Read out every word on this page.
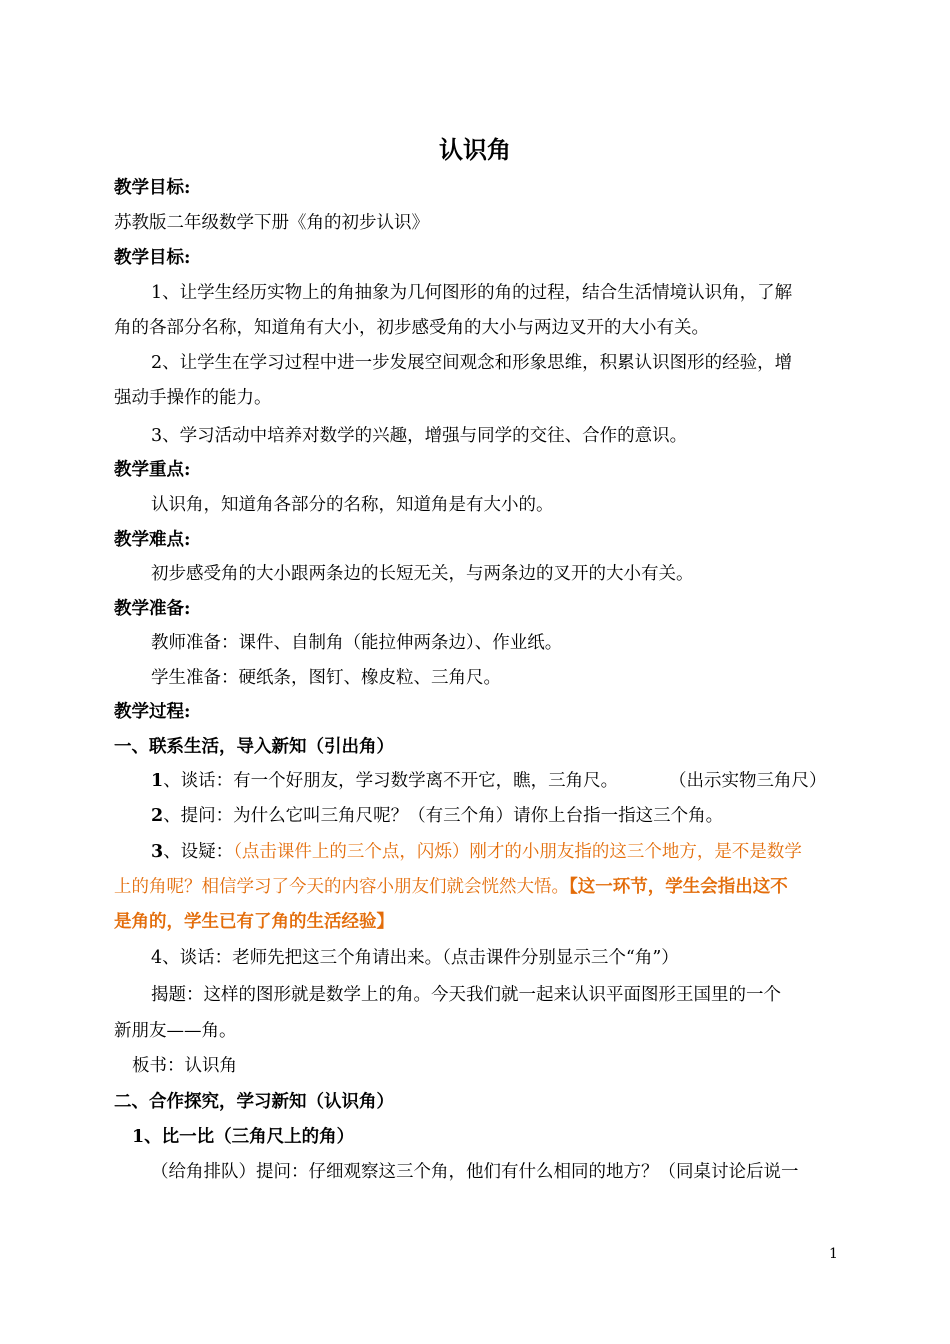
认识角
教学目标:
苏教版二年级数学下册《角的初步认识》
教学目标:
1、让学生经历实物上的角抽象为几何图形的角的过程，结合生活情境认识角，了解
角的各部分名称，知道角有大小，初步感受角的大小与两边叉开的大小有关。
2、让学生在学习过程中进一步发展空间观念和形象思维，积累认识图形的经验，增
强动手操作的能力。
3、学习活动中培养对数学的兴趣，增强与同学的交往、合作的意识。
教学重点:
认识角，知道角各部分的名称，知道角是有大小的。
教学难点:
初步感受角的大小跟两条边的长短无关，与两条边的叉开的大小有关。
教学准备:
教师准备：课件、自制角（能拉伸两条边）、作业纸。
学生准备：硬纸条，图钉、橡皮粒、三角尺。
教学过程:
一、联系生活，导入新知（引出角）
1、谈话：有一个好朋友，学习数学离不开它，瞧，三角尺。	（出示实物三角尺）
2、提问：为什么它叫三角尺呢？（有三个角）请你上台指一指这三个角。
3、设疑：（点击课件上的三个点，闪烁）刚才的小朋友指的这三个地方，是不是数学
上的角呢？相信学习了今天的内容小朋友们就会恍然大悟。【这一环节，学生会指出这不
是角的，学生已有了角的生活经验】
4、谈话：老师先把这三个角请出来。（点击课件分别显示三个“角”）
揭题：这样的图形就是数学上的角。今天我们就一起来认识平面图形王国里的一个
新朋友——角。
板书：认识角
二、合作探究，学习新知（认识角）
1、比一比（三角尺上的角）
（给角排队）提问：仔细观察这三个角，他们有什么相同的地方？（同桌讨论后说一
1
